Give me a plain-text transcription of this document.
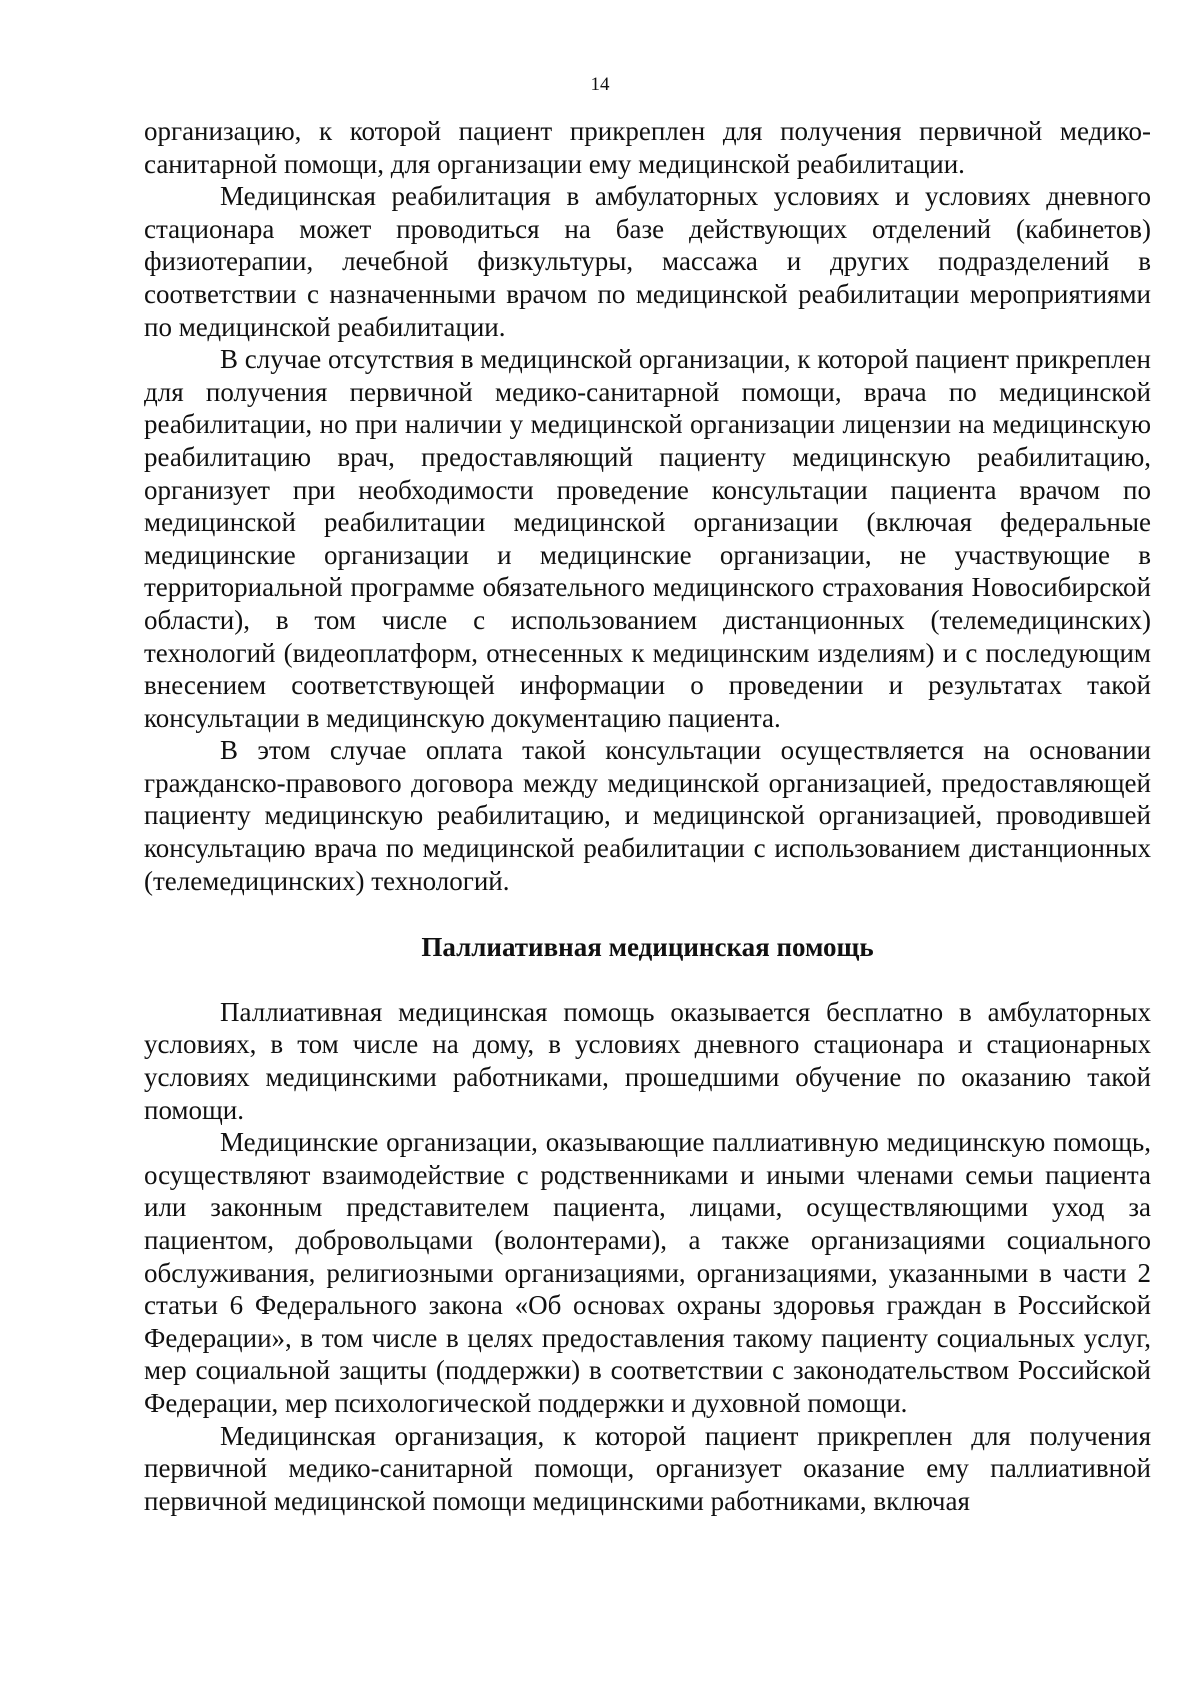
14

организацию, к которой пациент прикреплен для получения первичной медико-санитарной помощи, для организации ему медицинской реабилитации.

Медицинская реабилитация в амбулаторных условиях и условиях дневного стационара может проводиться на базе действующих отделений (кабинетов) физиотерапии, лечебной физкультуры, массажа и других подразделений в соответствии с назначенными врачом по медицинской реабилитации мероприятиями по медицинской реабилитации.

В случае отсутствия в медицинской организации, к которой пациент прикреплен для получения первичной медико-санитарной помощи, врача по медицинской реабилитации, но при наличии у медицинской организации лицензии на медицинскую реабилитацию врач, предоставляющий пациенту медицинскую реабилитацию, организует при необходимости проведение консультации пациента врачом по медицинской реабилитации медицинской организации (включая федеральные медицинские организации и медицинские организации, не участвующие в территориальной программе обязательного медицинского страхования Новосибирской области), в том числе с использованием дистанционных (телемедицинских) технологий (видеоплатформ, отнесенных к медицинским изделиям) и с последующим внесением соответствующей информации о проведении и результатах такой консультации в медицинскую документацию пациента.

В этом случае оплата такой консультации осуществляется на основании гражданско-правового договора между медицинской организацией, предоставляющей пациенту медицинскую реабилитацию, и медицинской организацией, проводившей консультацию врача по медицинской реабилитации с использованием дистанционных (телемедицинских) технологий.

Паллиативная медицинская помощь

Паллиативная медицинская помощь оказывается бесплатно в амбулаторных условиях, в том числе на дому, в условиях дневного стационара и стационарных условиях медицинскими работниками, прошедшими обучение по оказанию такой помощи.

Медицинские организации, оказывающие паллиативную медицинскую помощь, осуществляют взаимодействие с родственниками и иными членами семьи пациента или законным представителем пациента, лицами, осуществляющими уход за пациентом, добровольцами (волонтерами), а также организациями социального обслуживания, религиозными организациями, организациями, указанными в части 2 статьи 6 Федерального закона «Об основах охраны здоровья граждан в Российской Федерации», в том числе в целях предоставления такому пациенту социальных услуг, мер социальной защиты (поддержки) в соответствии с законодательством Российской Федерации, мер психологической поддержки и духовной помощи.

Медицинская организация, к которой пациент прикреплен для получения первичной медико-санитарной помощи, организует оказание ему паллиативной первичной медицинской помощи медицинскими работниками, включая
